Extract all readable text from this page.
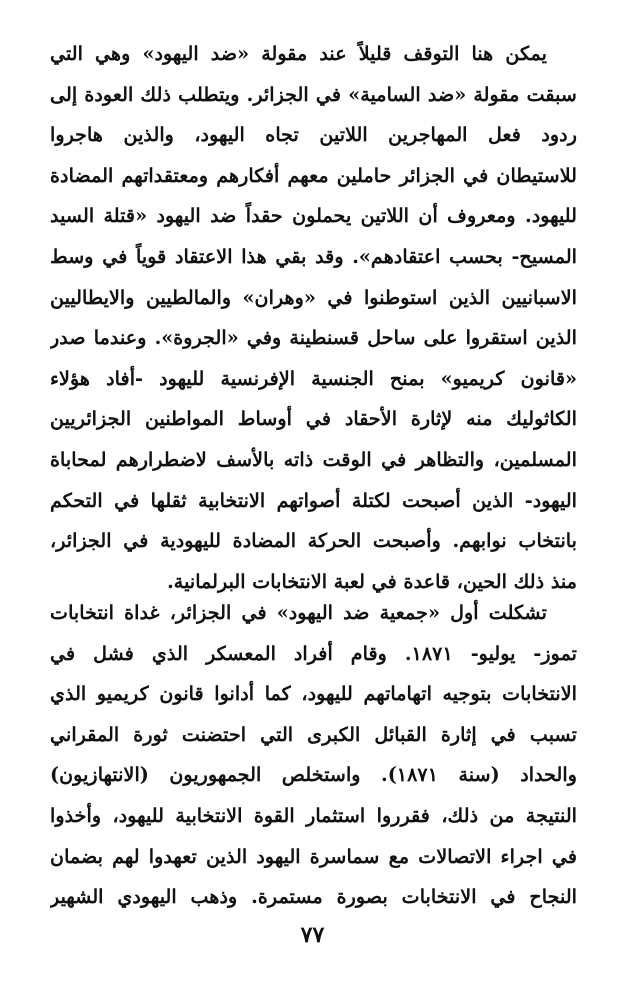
يمكن هنا التوقف قليلاً عند مقولة «ضد اليهود» وهي التي
سبقت مقولة «ضد السامية» في الجزائر. ويتطلب ذلك العودة إلى
ردود فعل المهاجرين اللاتين تجاه اليهود، والذين هاجروا
للاستيطان في الجزائر حاملين معهم أفكارهم ومعتقداتهم المضادة
لليهود. ومعروف أن اللاتين يحملون حقداً ضد اليهود «قتلة السيد
المسيح- بحسب اعتقادهم». وقد بقي هذا الاعتقاد قوياً في وسط
الاسبانيين الذين استوطنوا في «وهران» والمالطيين والايطاليين
الذين استقروا على ساحل قسنطينة وفي «الجروة». وعندما صدر
«قانون كريميو» بمنح الجنسية الإفرنسية لليهود -أفاد هؤلاء
الكاثوليك منه لإثارة الأحقاد في أوساط المواطنين الجزائريين
المسلمين، والتظاهر في الوقت ذاته بالأسف لاضطرارهم لمحاباة
اليهود- الذين أصبحت لكتلة أصواتهم الانتخابية ثقلها في التحكم
بانتخاب نوابهم. وأصبحت الحركة المضادة لليهودية في الجزائر،
منذ ذلك الحين، قاعدة في لعبة الانتخابات البرلمانية.
تشكلت أول «جمعية ضد اليهود» في الجزائر، غداة انتخابات
تموز- يوليو- ١٨٧١. وقام أفراد المعسكر الذي فشل في
الانتخابات بتوجيه اتهاماتهم لليهود، كما أدانوا قانون كريميو الذي
تسبب في إثارة القبائل الكبرى التي احتضنت ثورة المقراني
والحداد (سنة ١٨٧١). واستخلص الجمهوريون (الانتهازيون)
النتيجة من ذلك، فقرروا استثمار القوة الانتخابية لليهود، وأخذوا
في اجراء الاتصالات مع سماسرة اليهود الذين تعهدوا لهم بضمان
النجاح في الانتخابات بصورة مستمرة. وذهب اليهودي الشهير
٧٧
